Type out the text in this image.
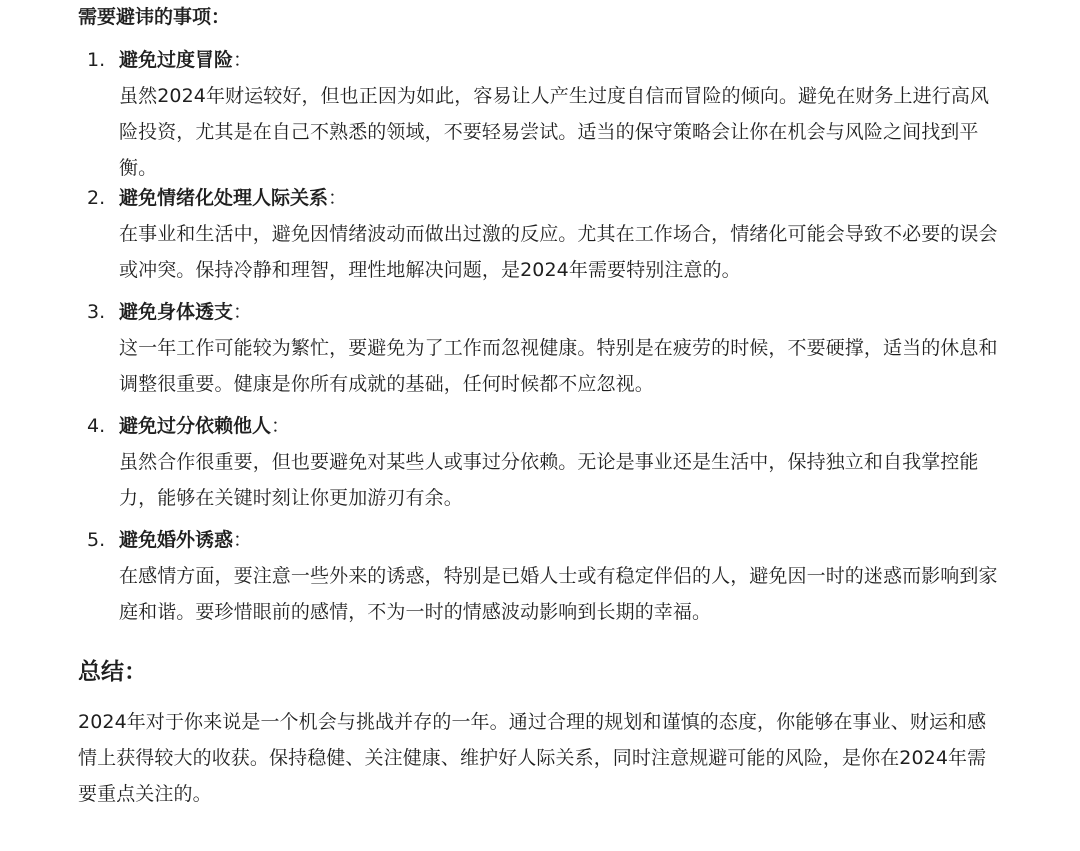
需要避讳的事项：
1. 避免过度冒险：

虽然2024年财运较好，但也正因为如此，容易让人产生过度自信而冒险的倾向。避免在财务上进行高风险投资，尤其是在自己不熟悉的领域，不要轻易尝试。适当的保守策略会让你在机会与风险之间找到平衡。

2. 避免情绪化处理人际关系：

在事业和生活中，避免因情绪波动而做出过激的反应。尤其在工作场合，情绪化可能会导致不必要的误会或冲突。保持冷静和理智，理性地解决问题，是2024年需要特别注意的。

3. 避免身体透支：

这一年工作可能较为繁忙，要避免为了工作而忽视健康。特别是在疲劳的时候，不要硬撑，适当的休息和调整很重要。健康是你所有成就的基础，任何时候都不应忽视。

4. 避免过分依赖他人：

虽然合作很重要，但也要避免对某些人或事过分依赖。无论是事业还是生活中，保持独立和自我掌控能力，能够在关键时刻让你更加游刃有余。

5. 避免婚外诱惑：

在感情方面，要注意一些外来的诱惑，特别是已婚人士或有稳定伴侣的人，避免因一时的迷惑而影响到家庭和谐。要珍惜眼前的感情，不为一时的情感波动影响到长期的幸福。

总结：

2024年对于你来说是一个机会与挑战并存的一年。通过合理的规划和谨慎的态度，你能够在事业、财运和感情上获得较大的收获。保持稳健、关注健康、维护好人际关系，同时注意规避可能的风险，是你在2024年需要重点关注的。
